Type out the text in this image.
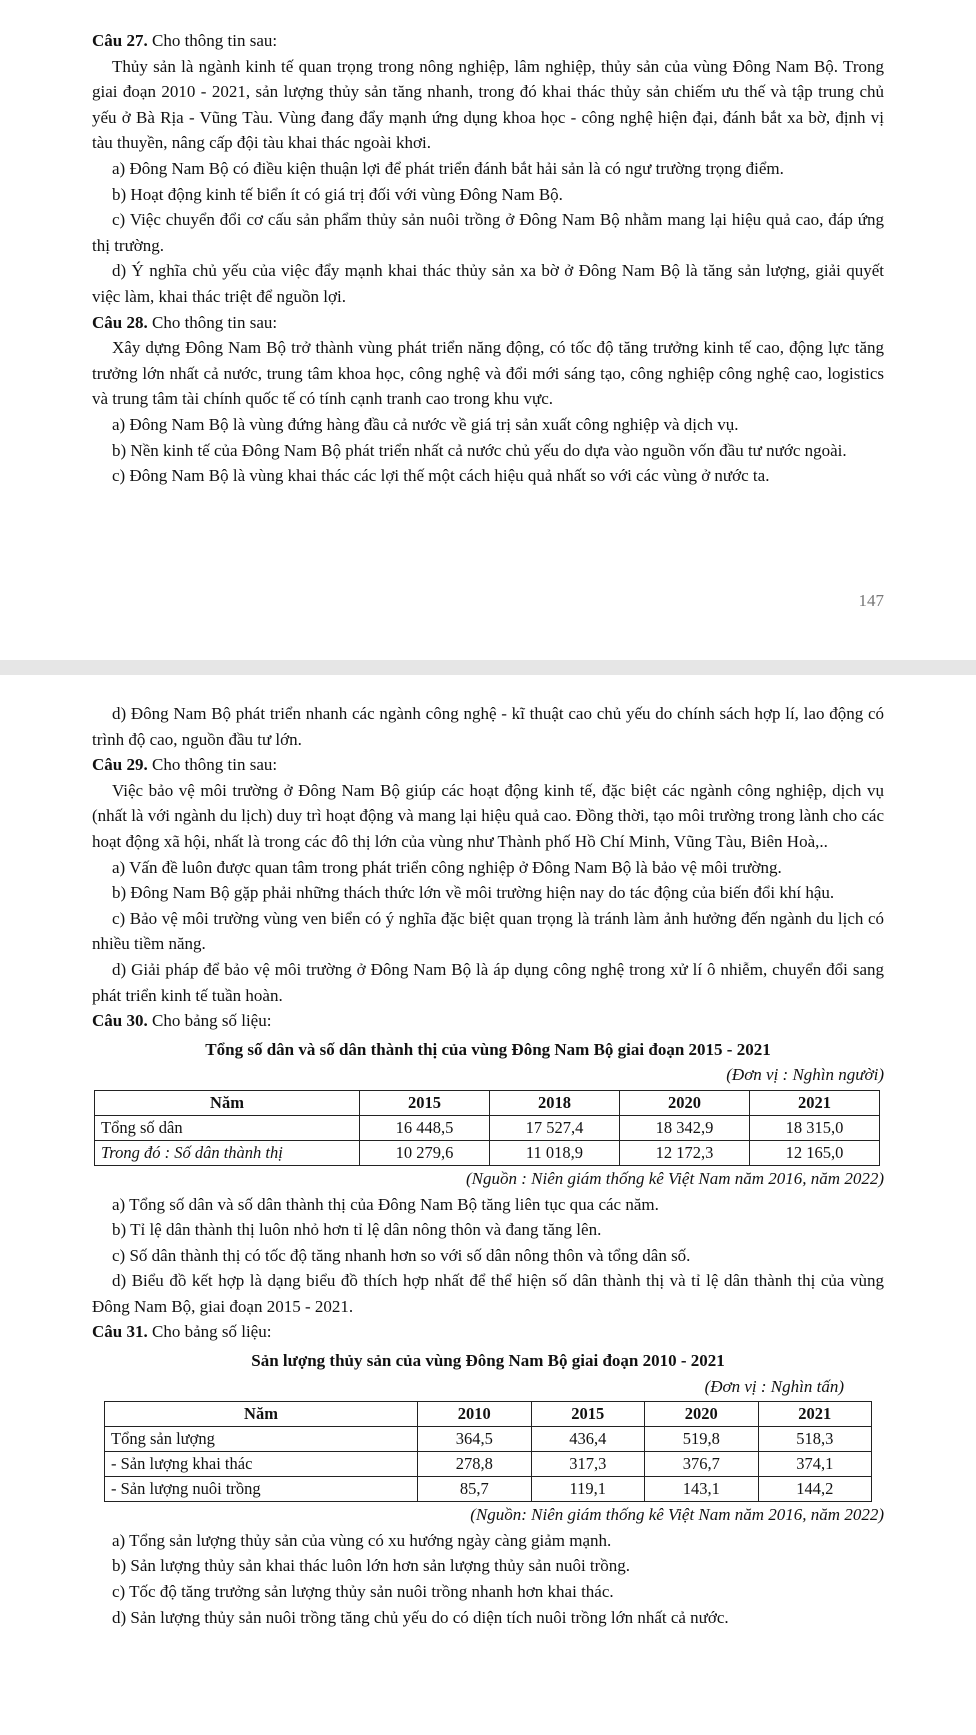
Câu 27. Cho thông tin sau:

Thủy sản là ngành kinh tế quan trọng trong nông nghiệp, lâm nghiệp, thủy sản của vùng Đông Nam Bộ. Trong giai đoạn 2010 - 2021, sản lượng thủy sản tăng nhanh, trong đó khai thác thủy sản chiếm ưu thế và tập trung chủ yếu ở Bà Rịa - Vũng Tàu. Vùng đang đẩy mạnh ứng dụng khoa học - công nghệ hiện đại, đánh bắt xa bờ, định vị tàu thuyền, nâng cấp đội tàu khai thác ngoài khơi.

a) Đông Nam Bộ có điều kiện thuận lợi để phát triển đánh bắt hải sản là có ngư trường trọng điểm.

b) Hoạt động kinh tế biển ít có giá trị đối với vùng Đông Nam Bộ.

c) Việc chuyển đổi cơ cấu sản phẩm thủy sản nuôi trồng ở Đông Nam Bộ nhằm mang lại hiệu quả cao, đáp ứng thị trường.

d) Ý nghĩa chủ yếu của việc đẩy mạnh khai thác thủy sản xa bờ ở Đông Nam Bộ là tăng sản lượng, giải quyết việc làm, khai thác triệt để nguồn lợi.

Câu 28. Cho thông tin sau:

Xây dựng Đông Nam Bộ trở thành vùng phát triển năng động, có tốc độ tăng trưởng kinh tế cao, động lực tăng trưởng lớn nhất cả nước, trung tâm khoa học, công nghệ và đổi mới sáng tạo, công nghiệp công nghệ cao, logistics và trung tâm tài chính quốc tế có tính cạnh tranh cao trong khu vực.

a) Đông Nam Bộ là vùng đứng hàng đầu cả nước về giá trị sản xuất công nghiệp và dịch vụ.

b) Nền kinh tế của Đông Nam Bộ phát triển nhất cả nước chủ yếu do dựa vào nguồn vốn đầu tư nước ngoài.

c) Đông Nam Bộ là vùng khai thác các lợi thế một cách hiệu quả nhất so với các vùng ở nước ta.

147

d) Đông Nam Bộ phát triển nhanh các ngành công nghệ - kĩ thuật cao chủ yếu do chính sách hợp lí, lao động có trình độ cao, nguồn đầu tư lớn.

Câu 29. Cho thông tin sau:

Việc bảo vệ môi trường ở Đông Nam Bộ giúp các hoạt động kinh tế, đặc biệt các ngành công nghiệp, dịch vụ (nhất là với ngành du lịch) duy trì hoạt động và mang lại hiệu quả cao. Đồng thời, tạo môi trường trong lành cho các hoạt động xã hội, nhất là trong các đô thị lớn của vùng như Thành phố Hồ Chí Minh, Vũng Tàu, Biên Hoà,..

a) Vấn đề luôn được quan tâm trong phát triển công nghiệp ở Đông Nam Bộ là bảo vệ môi trường.

b) Đông Nam Bộ gặp phải những thách thức lớn về môi trường hiện nay do tác động của biến đổi khí hậu.

c) Bảo vệ môi trường vùng ven biển có ý nghĩa đặc biệt quan trọng là tránh làm ảnh hưởng đến ngành du lịch có nhiều tiềm năng.

d) Giải pháp để bảo vệ môi trường ở Đông Nam Bộ là áp dụng công nghệ trong xử lí ô nhiễm, chuyển đổi sang phát triển kinh tế tuần hoàn.

Câu 30. Cho bảng số liệu:

Tổng số dân và số dân thành thị của vùng Đông Nam Bộ giai đoạn 2015 - 2021

(Đơn vị : Nghìn người)

Năm	2015	2018	2020	2021
Tổng số dân	16 448,5	17 527,4	18 342,9	18 315,0
Trong đó : Số dân thành thị	10 279,6	11 018,9	12 172,3	12 165,0

(Nguồn : Niên giám thống kê Việt Nam năm 2016, năm 2022)

a) Tổng số dân và số dân thành thị của Đông Nam Bộ tăng liên tục qua các năm.

b) Tỉ lệ dân thành thị luôn nhỏ hơn tỉ lệ dân nông thôn và đang tăng lên.

c) Số dân thành thị có tốc độ tăng nhanh hơn so với số dân nông thôn và tổng dân số.

d) Biểu đồ kết hợp là dạng biểu đồ thích hợp nhất để thể hiện số dân thành thị và tỉ lệ dân thành thị của vùng Đông Nam Bộ, giai đoạn 2015 - 2021.

Câu 31. Cho bảng số liệu:

Sản lượng thủy sản của vùng Đông Nam Bộ giai đoạn 2010 - 2021

(Đơn vị : Nghìn tấn)

Năm	2010	2015	2020	2021
Tổng sản lượng	364,5	436,4	519,8	518,3
- Sản lượng khai thác	278,8	317,3	376,7	374,1
- Sản lượng nuôi trồng	85,7	119,1	143,1	144,2

(Nguồn: Niên giám thống kê Việt Nam năm 2016, năm 2022)

a) Tổng sản lượng thủy sản của vùng có xu hướng ngày càng giảm mạnh.

b) Sản lượng thủy sản khai thác luôn lớn hơn sản lượng thủy sản nuôi trồng.

c) Tốc độ tăng trưởng sản lượng thủy sản nuôi trồng nhanh hơn khai thác.

d) Sản lượng thủy sản nuôi trồng tăng chủ yếu do có diện tích nuôi trồng lớn nhất cả nước.
